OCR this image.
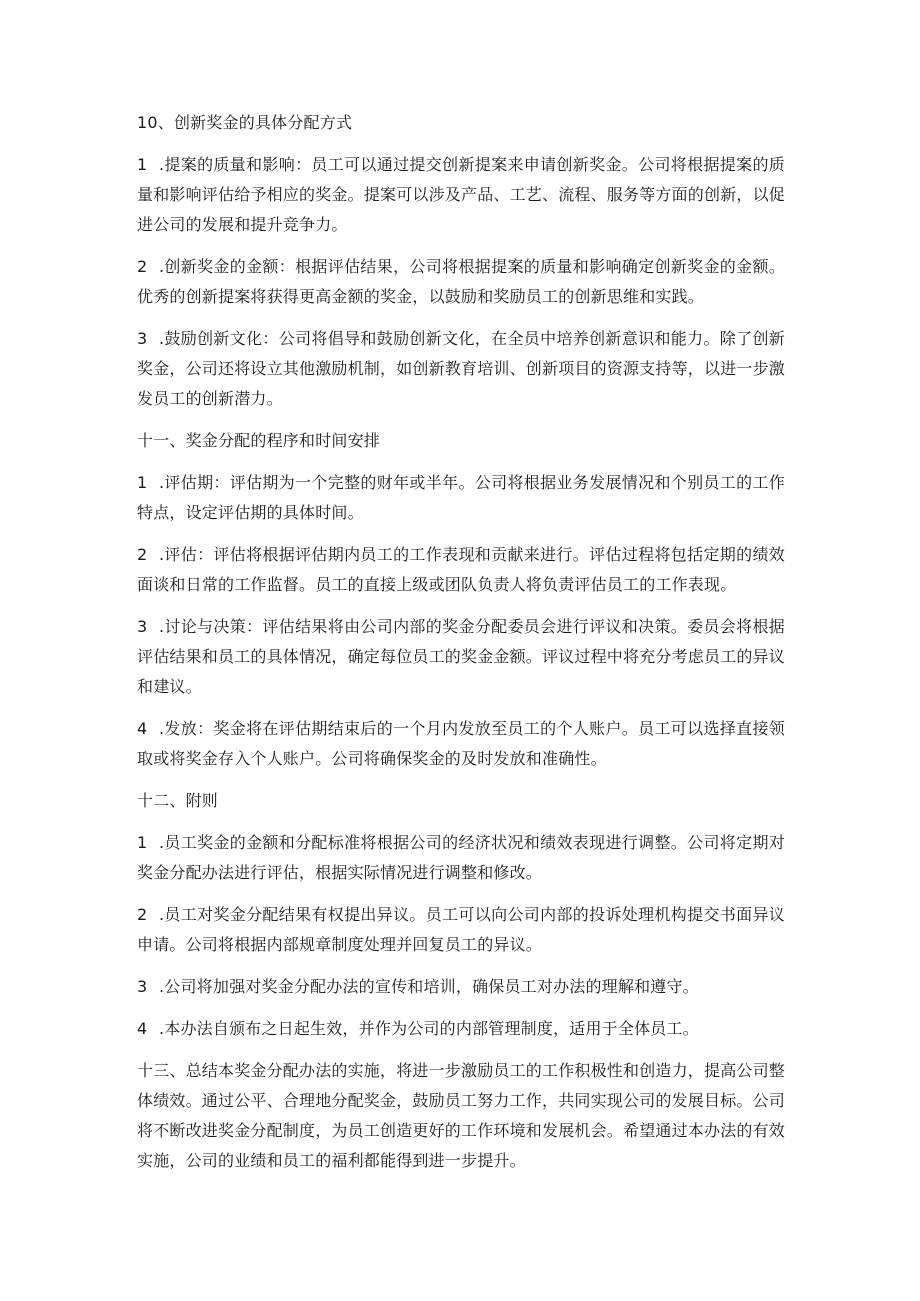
10、创新奖金的具体分配方式
1 .提案的质量和影响：员工可以通过提交创新提案来申请创新奖金。公司将根据提案的质量和影响评估给予相应的奖金。提案可以涉及产品、工艺、流程、服务等方面的创新，以促进公司的发展和提升竞争力。
2 .创新奖金的金额：根据评估结果，公司将根据提案的质量和影响确定创新奖金的金额。优秀的创新提案将获得更高金额的奖金，以鼓励和奖励员工的创新思维和实践。
3 .鼓励创新文化：公司将倡导和鼓励创新文化，在全员中培养创新意识和能力。除了创新奖金，公司还将设立其他激励机制，如创新教育培训、创新项目的资源支持等，以进一步激发员工的创新潜力。
十一、奖金分配的程序和时间安排
1 .评估期：评估期为一个完整的财年或半年。公司将根据业务发展情况和个别员工的工作特点，设定评估期的具体时间。
2 .评估：评估将根据评估期内员工的工作表现和贡献来进行。评估过程将包括定期的绩效面谈和日常的工作监督。员工的直接上级或团队负责人将负责评估员工的工作表现。
3 .讨论与决策：评估结果将由公司内部的奖金分配委员会进行评议和决策。委员会将根据评估结果和员工的具体情况，确定每位员工的奖金金额。评议过程中将充分考虑员工的异议和建议。
4 .发放：奖金将在评估期结束后的一个月内发放至员工的个人账户。员工可以选择直接领取或将奖金存入个人账户。公司将确保奖金的及时发放和准确性。
十二、附则
1 .员工奖金的金额和分配标准将根据公司的经济状况和绩效表现进行调整。公司将定期对奖金分配办法进行评估，根据实际情况进行调整和修改。
2 .员工对奖金分配结果有权提出异议。员工可以向公司内部的投诉处理机构提交书面异议申请。公司将根据内部规章制度处理并回复员工的异议。
3 .公司将加强对奖金分配办法的宣传和培训，确保员工对办法的理解和遵守。
4 .本办法自颁布之日起生效，并作为公司的内部管理制度，适用于全体员工。
十三、总结本奖金分配办法的实施，将进一步激励员工的工作积极性和创造力，提高公司整体绩效。通过公平、合理地分配奖金，鼓励员工努力工作，共同实现公司的发展目标。公司将不断改进奖金分配制度，为员工创造更好的工作环境和发展机会。希望通过本办法的有效实施，公司的业绩和员工的福利都能得到进一步提升。
